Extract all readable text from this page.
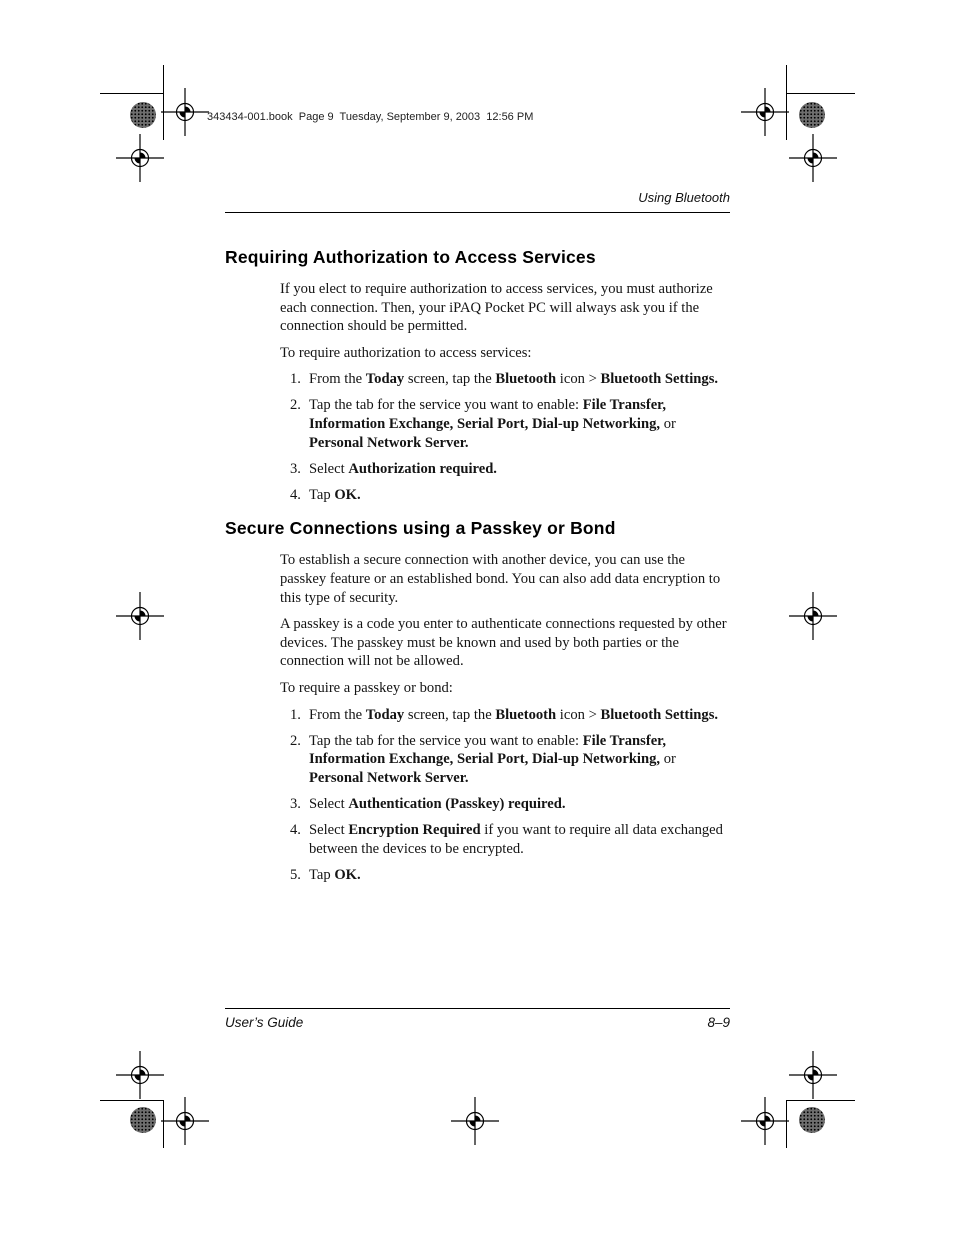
343434-001.book  Page 9  Tuesday, September 9, 2003  12:56 PM
Using Bluetooth
Requiring Authorization to Access Services

If you elect to require authorization to access services, you must authorize each connection. Then, your iPAQ Pocket PC will always ask you if the connection should be permitted.

To require authorization to access services:

1. From the Today screen, tap the Bluetooth icon > Bluetooth Settings.
2. Tap the tab for the service you want to enable: File Transfer, Information Exchange, Serial Port, Dial-up Networking, or Personal Network Server.
3. Select Authorization required.
4. Tap OK.
Secure Connections using a Passkey or Bond

To establish a secure connection with another device, you can use the passkey feature or an established bond. You can also add data encryption to this type of security.

A passkey is a code you enter to authenticate connections requested by other devices. The passkey must be known and used by both parties or the connection will not be allowed.

To require a passkey or bond:

1. From the Today screen, tap the Bluetooth icon > Bluetooth Settings.
2. Tap the tab for the service you want to enable: File Transfer, Information Exchange, Serial Port, Dial-up Networking, or Personal Network Server.
3. Select Authentication (Passkey) required.
4. Select Encryption Required if you want to require all data exchanged between the devices to be encrypted.
5. Tap OK.
User’s Guide	8–9
